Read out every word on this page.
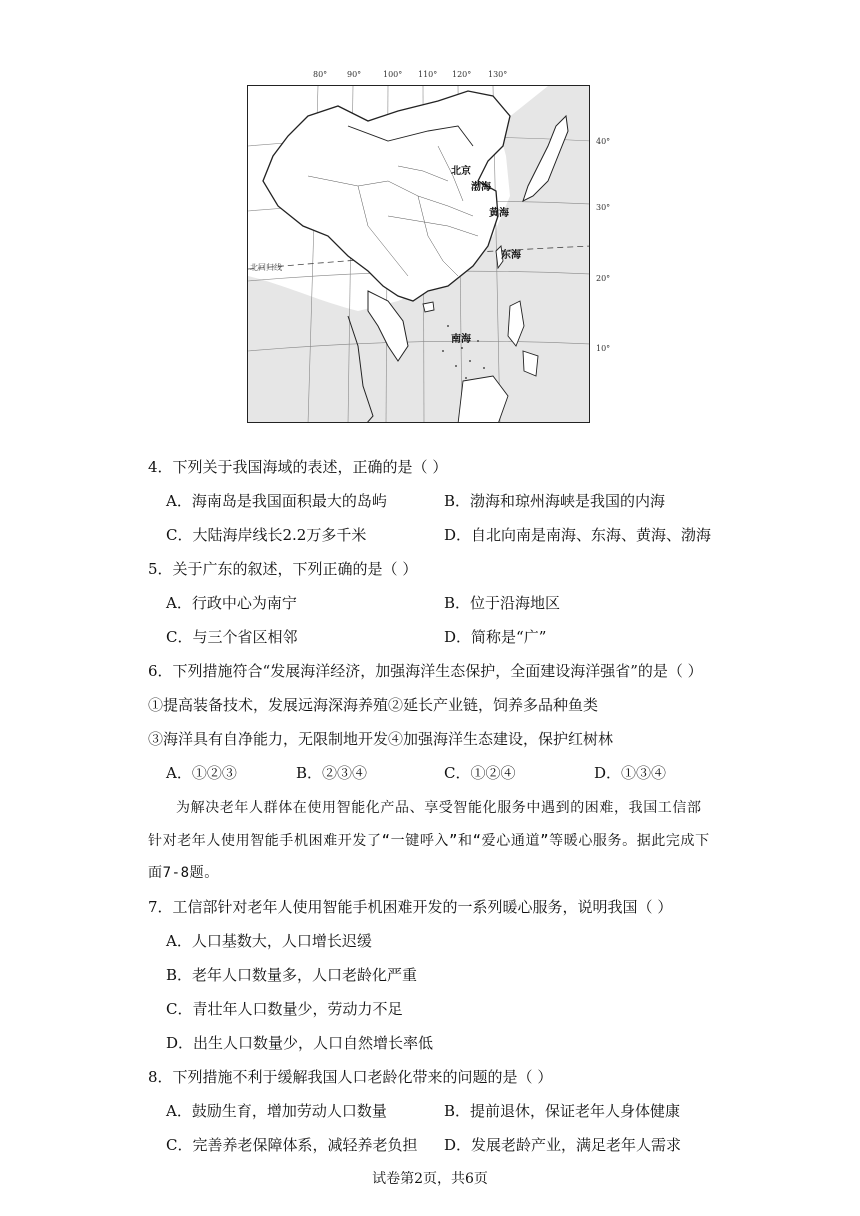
80° 90°	100° 110° 120° 130°
40°
30°
20°
10°
北京
渤海
黄海
东海
南海
北回归线
4．下列关于我国海域的表述，正确的是（ ）
A．海南岛是我国面积最大的岛屿	B．渤海和琼州海峡是我国的内海
C．大陆海岸线长2.2万多千米	D．自北向南是南海、东海、黄海、渤海
5．关于广东的叙述，下列正确的是（ ）
A．行政中心为南宁	B．位于沿海地区
C．与三个省区相邻	D．简称是“广”
6．下列措施符合“发展海洋经济，加强海洋生态保护，全面建设海洋强省”的是（ ）
①提高装备技术，发展远海深海养殖②延长产业链，饲养多品种鱼类
③海洋具有自净能力，无限制地开发④加强海洋生态建设，保护红树林
A．①②③	B．②③④	C．①②④	D．①③④
为解决老年人群体在使用智能化产品、享受智能化服务中遇到的困难，我国工信部
针对老年人使用智能手机困难开发了“一键呼入”和“爱心通道”等暖心服务。据此完成下
面7-8题。
7．工信部针对老年人使用智能手机困难开发的一系列暖心服务，说明我国（ ）
A．人口基数大，人口增长迟缓
B．老年人口数量多，人口老龄化严重
C．青壮年人口数量少，劳动力不足
D．出生人口数量少，人口自然增长率低
8．下列措施不利于缓解我国人口老龄化带来的问题的是（ ）
A．鼓励生育，增加劳动人口数量	B．提前退休，保证老年人身体健康
C．完善养老保障体系，减轻养老负担 D．发展老龄产业，满足老年人需求
试卷第2页，共6页
